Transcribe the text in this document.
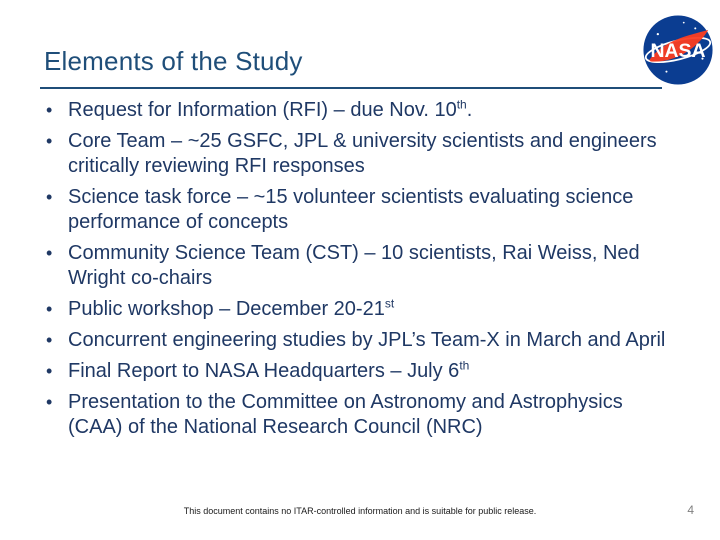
Elements of the Study	NASA
• Request for Information (RFI) – due Nov. 10th.
• Core Team – ~25 GSFC, JPL & university scientists and engineers critically reviewing RFI responses
• Science task force – ~15 volunteer scientists evaluating science performance of concepts
• Community Science Team (CST) – 10 scientists, Rai Weiss, Ned Wright co-chairs
• Public workshop – December 20-21st
• Concurrent engineering studies by JPL’s Team-X in March and April
• Final Report to NASA Headquarters – July 6th
• Presentation to the Committee on Astronomy and Astrophysics (CAA) of the National Research Council (NRC)
This document contains no ITAR-controlled information and is suitable for public release.	4
